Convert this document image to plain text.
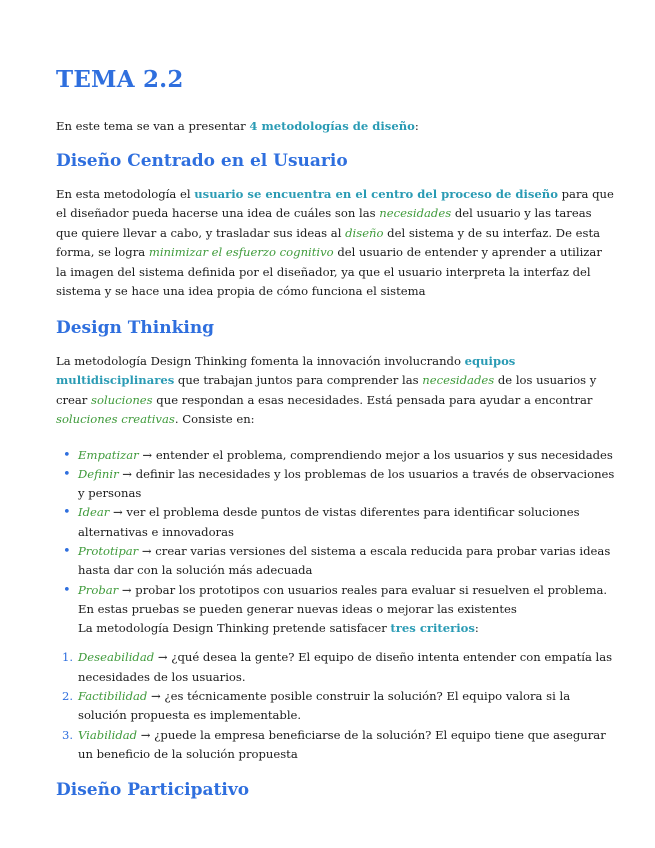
TEMA 2.2

En este tema se van a presentar 4 metodologías de diseño:

Diseño Centrado en el Usuario

En esta metodología el usuario se encuentra en el centro del proceso de diseño para que el diseñador pueda hacerse una idea de cuáles son las necesidades del usuario y las tareas que quiere llevar a cabo, y trasladar sus ideas al diseño del sistema y de su interfaz. De esta forma, se logra minimizar el esfuerzo cognitivo del usuario de entender y aprender a utilizar la imagen del sistema definida por el diseñador, ya que el usuario interpreta la interfaz del sistema y se hace una idea propia de cómo funciona el sistema

Design Thinking

La metodología Design Thinking fomenta la innovación involucrando equipos multidisciplinares que trabajan juntos para comprender las necesidades de los usuarios y crear soluciones que respondan a esas necesidades. Está pensada para ayudar a encontrar soluciones creativas. Consiste en:

• Empatizar → entender el problema, comprendiendo mejor a los usuarios y sus necesidades
• Definir → definir las necesidades y los problemas de los usuarios a través de observaciones y personas
• Idear → ver el problema desde puntos de vistas diferentes para identificar soluciones alternativas e innovadoras
• Prototipar → crear varias versiones del sistema a escala reducida para probar varias ideas hasta dar con la solución más adecuada
• Probar → probar los prototipos con usuarios reales para evaluar si resuelven el problema. En estas pruebas se pueden generar nuevas ideas o mejorar las existentes
La metodología Design Thinking pretende satisfacer tres criterios:
1. Deseabilidad → ¿qué desea la gente? El equipo de diseño intenta entender con empatía las necesidades de los usuarios.
2. Factibilidad → ¿es técnicamente posible construir la solución? El equipo valora si la solución propuesta es implementable.
3. Viabilidad → ¿puede la empresa beneficiarse de la solución? El equipo tiene que asegurar un beneficio de la solución propuesta
Diseño Participativo
